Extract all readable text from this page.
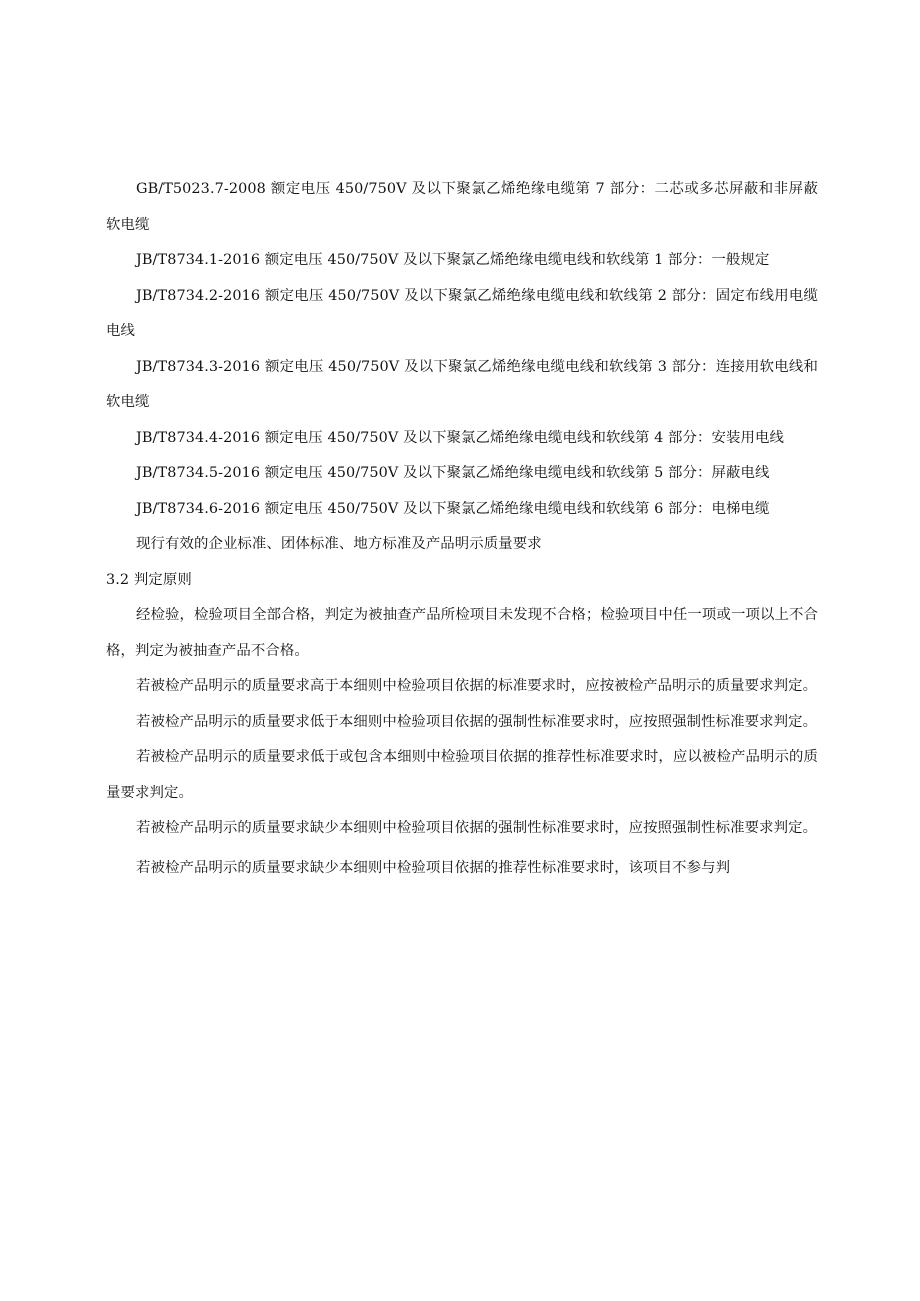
GB/T5023.7-2008 额定电压 450/750V 及以下聚氯乙烯绝缘电缆第 7 部分：二芯或多芯屏蔽和非屏蔽软电缆

JB/T8734.1-2016 额定电压 450/750V 及以下聚氯乙烯绝缘电缆电线和软线第 1 部分：一般规定

JB/T8734.2-2016 额定电压 450/750V 及以下聚氯乙烯绝缘电缆电线和软线第 2 部分：固定布线用电缆电线

JB/T8734.3-2016 额定电压 450/750V 及以下聚氯乙烯绝缘电缆电线和软线第 3 部分：连接用软电线和软电缆

JB/T8734.4-2016 额定电压 450/750V 及以下聚氯乙烯绝缘电缆电线和软线第 4 部分：安装用电线

JB/T8734.5-2016 额定电压 450/750V 及以下聚氯乙烯绝缘电缆电线和软线第 5 部分：屏蔽电线

JB/T8734.6-2016 额定电压 450/750V 及以下聚氯乙烯绝缘电缆电线和软线第 6 部分：电梯电缆

现行有效的企业标准、团体标准、地方标准及产品明示质量要求

3.2 判定原则

经检验，检验项目全部合格，判定为被抽查产品所检项目未发现不合格；检验项目中任一项或一项以上不合格，判定为被抽查产品不合格。

若被检产品明示的质量要求高于本细则中检验项目依据的标准要求时，应按被检产品明示的质量要求判定。

若被检产品明示的质量要求低于本细则中检验项目依据的强制性标准要求时，应按照强制性标准要求判定。

若被检产品明示的质量要求低于或包含本细则中检验项目依据的推荐性标准要求时，应以被检产品明示的质量要求判定。

若被检产品明示的质量要求缺少本细则中检验项目依据的强制性标准要求时，应按照强制性标准要求判定。

若被检产品明示的质量要求缺少本细则中检验项目依据的推荐性标准要求时，该项目不参与判
